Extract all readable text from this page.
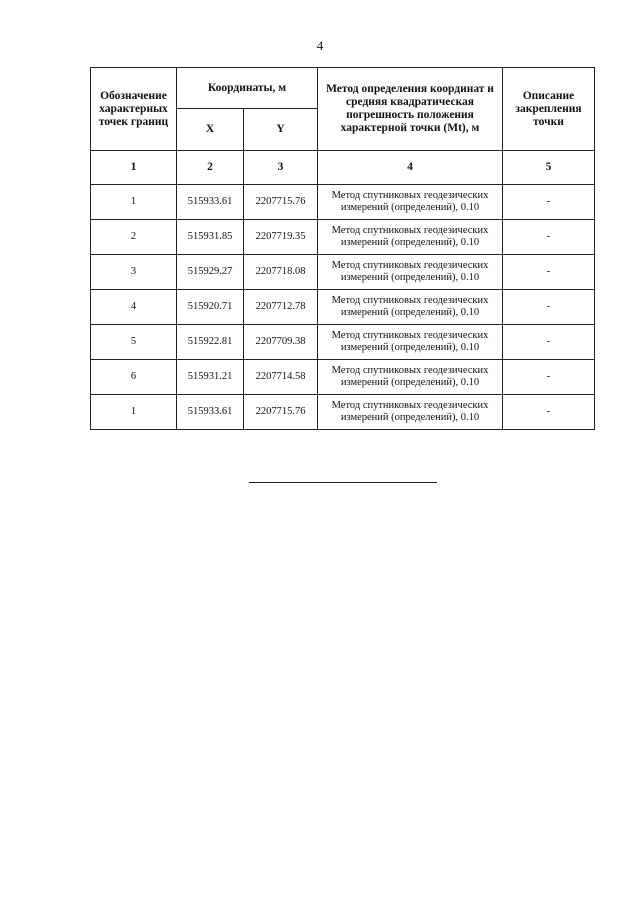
4
Обозначение характерных точек границ	Координаты, м		Метод определения координат и средняя квадратическая погрешность положения характерной точки (Mt), м	Описание закрепления точки
	X	Y		
1	2	3	4	5
1	515933.61	2207715.76	Метод спутниковых геодезических измерений (определений), 0.10	-
2	515931.85	2207719.35	Метод спутниковых геодезических измерений (определений), 0.10	-
3	515929.27	2207718.08	Метод спутниковых геодезических измерений (определений), 0.10	-
4	515920.71	2207712.78	Метод спутниковых геодезических измерений (определений), 0.10	-
5	515922.81	2207709.38	Метод спутниковых геодезических измерений (определений), 0.10	-
6	515931.21	2207714.58	Метод спутниковых геодезических измерений (определений), 0.10	-
1	515933.61	2207715.76	Метод спутниковых геодезических измерений (определений), 0.10	-
